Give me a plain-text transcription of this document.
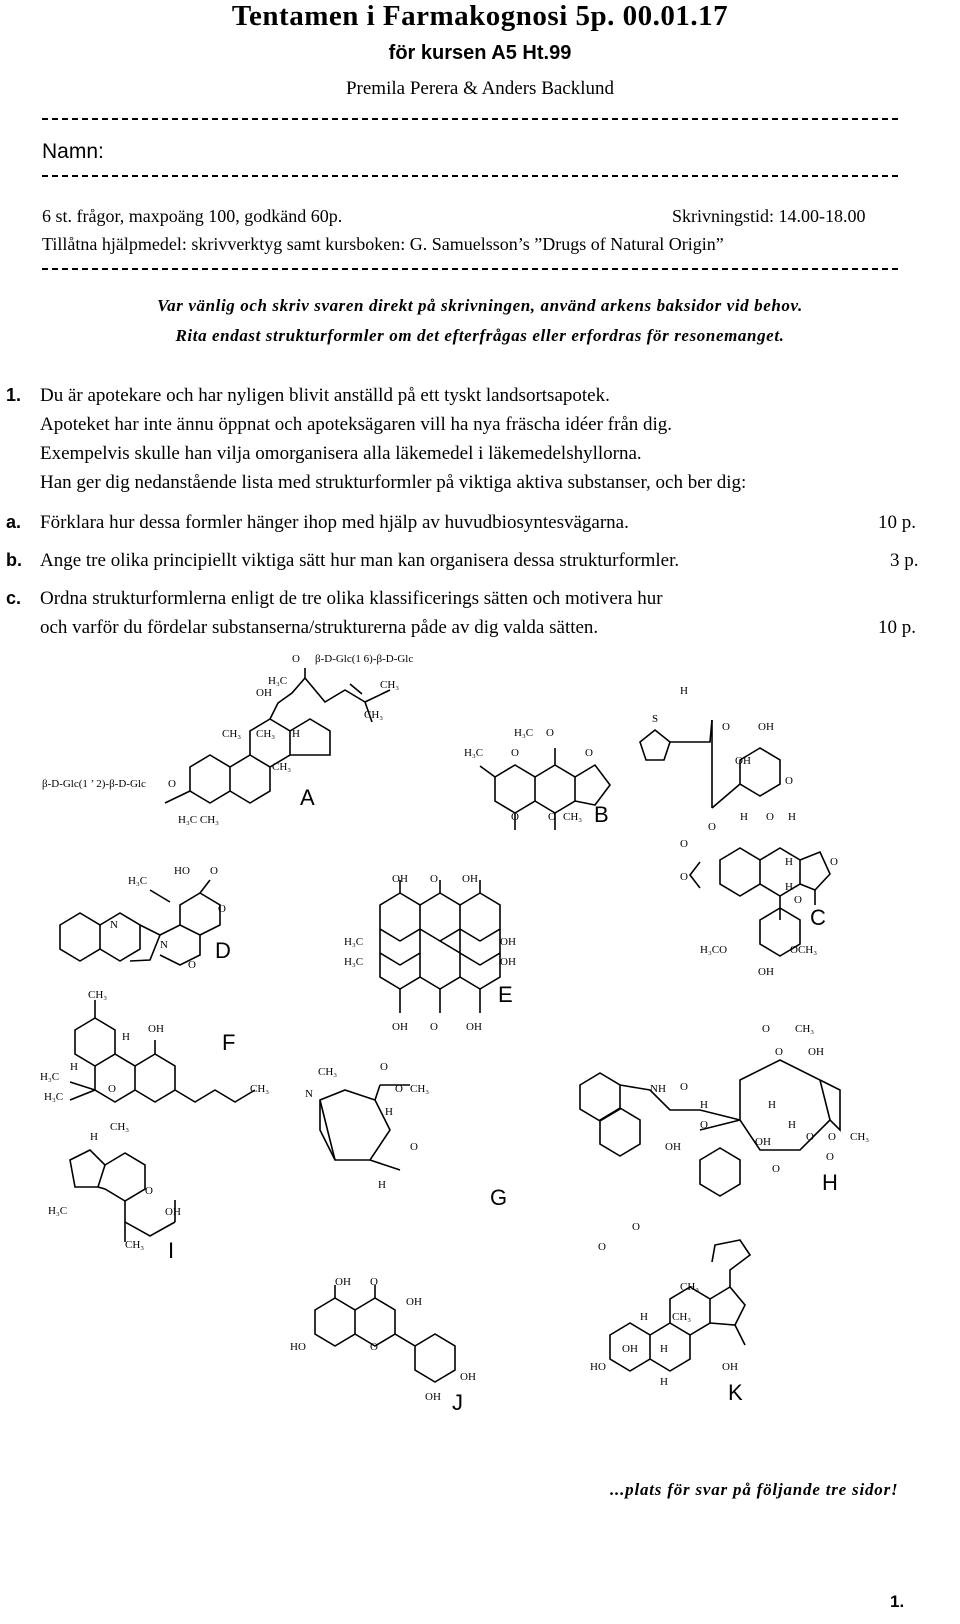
Tentamen i Farmakognosi 5p. 00.01.17
för kursen A5 Ht.99
Premila Perera & Anders Backlund
Namn:
6 st. frågor, maxpoäng 100, godkänd 60p.	Skrivningstid: 14.00-18.00
Tillåtna hjälpmedel: skrivverktyg samt kursboken: G. Samuelsson’s ”Drugs of Natural Origin”
Var vänlig och skriv svaren direkt på skrivningen, använd arkens baksidor vid behov.
Rita endast strukturformler om det efterfrågas eller erfordras för resonemanget.
1. Du är apotekare och har nyligen blivit anställd på ett tyskt landsortsapotek.
Apoteket har inte ännu öppnat och apoteksägaren vill ha nya fräscha idéer från dig.
Exempelvis skulle han vilja omorganisera alla läkemedel i läkemedelshyllorna.
Han ger dig nedanstående lista med strukturformler på viktiga aktiva substanser, och ber dig:
a. Förklara hur dessa formler hänger ihop med hjälp av huvudbiosyntesvägarna.	10 p.
b. Ange tre olika principiellt viktiga sätt hur man kan organisera dessa strukturformler.	3 p.
c. Ordna strukturformlerna enligt de tre olika klassificerings sätten och motivera hur
och varför du fördelar substanserna/strukturerna påde av dig valda sätten.	10 p.
O β-D-Glc(1 6)-β-D-Glc
H₃C	CH₃
OH
CH₃
CH₃ CH₃ H
CH₃
β-D-Glc(1 ’ 2)-β-D-Glc O
H₃C CH₃
A
H₃C O
H₃C	O	O
O	O CH₃ B
H
S
O	OH
OH
O
O
H O H
O
O
H	O
H
O
C
H₃CO	OCH₃
OH
H₃C
HO O
O
N
N
O
D
OH O OH
H₃C	OH
H₃C	OH
E
OH O	OH
CH₃
OH
H
H
O	CH₃
H₃C
H₃C
F
CH₃
N
O
O CH₃
H
O
H	G
O CH₃
O OH
O
NH
H	H
O
OH
H
O O CH₃
OH
O
O
H
H
CH₃
O
OH
H₃C
CH₃ I	O
O
CH₃
CH₃
H
OH H
HO
H
OH
K
OH O
OH
HO	O
OH
OH J
...plats för svar på följande tre sidor!
1.
